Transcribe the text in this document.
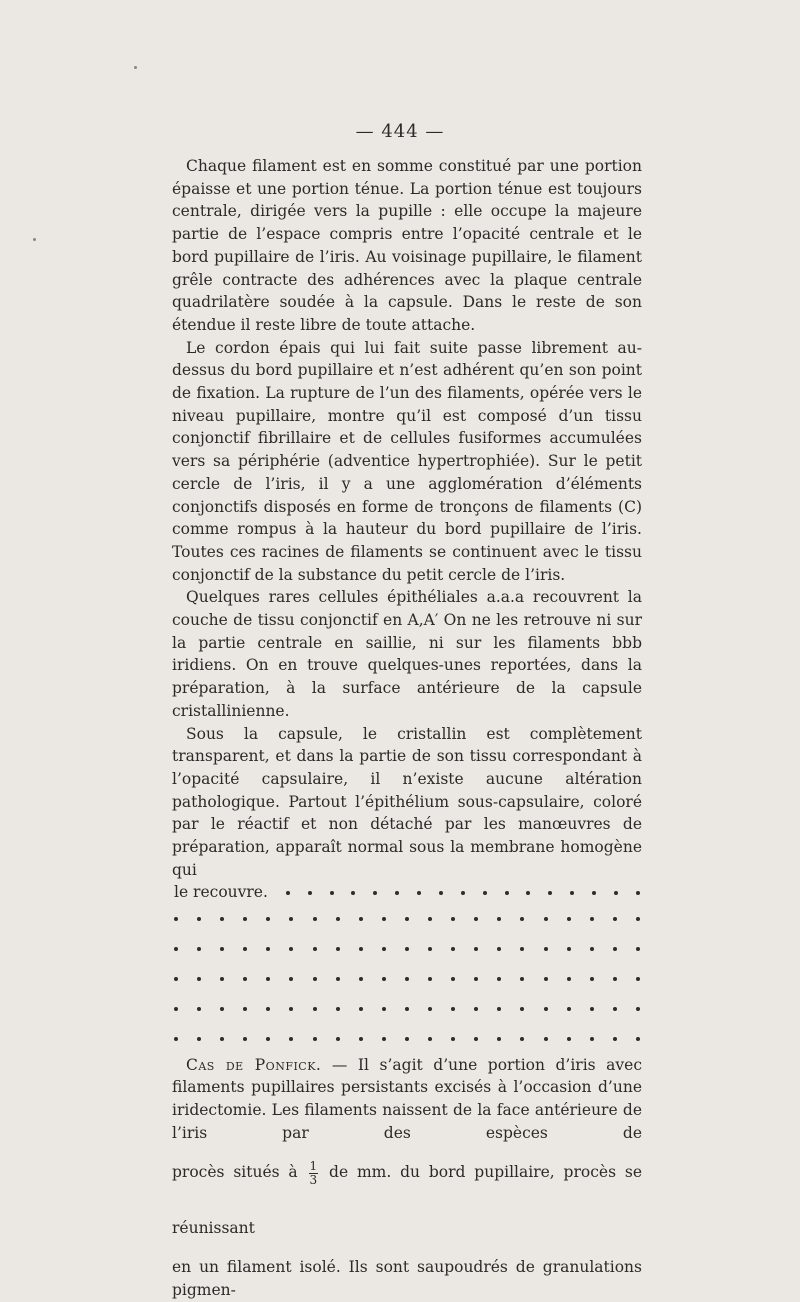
— 444 —

Chaque filament est en somme constitué par une portion épaisse et une portion ténue. La portion ténue est toujours centrale, dirigée vers la pupille : elle occupe la majeure partie de l’espace compris entre l’opacité centrale et le bord pupillaire de l’iris. Au voisinage pupillaire, le filament grêle contracte des adhérences avec la plaque centrale quadrilatère soudée à la capsule. Dans le reste de son étendue il reste libre de toute attache.

Le cordon épais qui lui fait suite passe librement au-dessus du bord pupillaire et n’est adhérent qu’en son point de fixation. La rupture de l’un des filaments, opérée vers le niveau pupillaire, montre qu’il est composé d’un tissu conjonctif fibrillaire et de cellules fusiformes accumulées vers sa périphérie (adventice hypertrophiée). Sur le petit cercle de l’iris, il y a une agglomération d’éléments conjonctifs disposés en forme de tronçons de filaments (C) comme rompus à la hauteur du bord pupillaire de l’iris. Toutes ces racines de filaments se continuent avec le tissu conjonctif de la substance du petit cercle de l’iris.

Quelques rares cellules épithéliales a.a.a recouvrent la couche de tissu conjonctif en A,A′ On ne les retrouve ni sur la partie centrale en saillie, ni sur les filaments bbb iridiens. On en trouve quelques-unes reportées, dans la préparation, à la surface antérieure de la capsule cristallinienne.

Sous la capsule, le cristallin est complètement transparent, et dans la partie de son tissu correspondant à l’opacité capsulaire, il n’existe aucune altération pathologique. Partout l’épithélium sous-capsulaire, coloré par le réactif et non détaché par les manœuvres de préparation, apparaît normal sous la membrane homogène qui

le recouvre.

Cas de Ponfick. — Il s’agit d’une portion d’iris avec filaments pupillaires persistants excisés à l’occasion d’une iridectomie. Les filaments naissent de la face antérieure de l’iris par des espèces de

procès situés à $\frac{1}{3}$ de mm. du bord pupillaire, procès se réunissant

en un filament isolé. Ils sont saupoudrés de granulations pigmen-
